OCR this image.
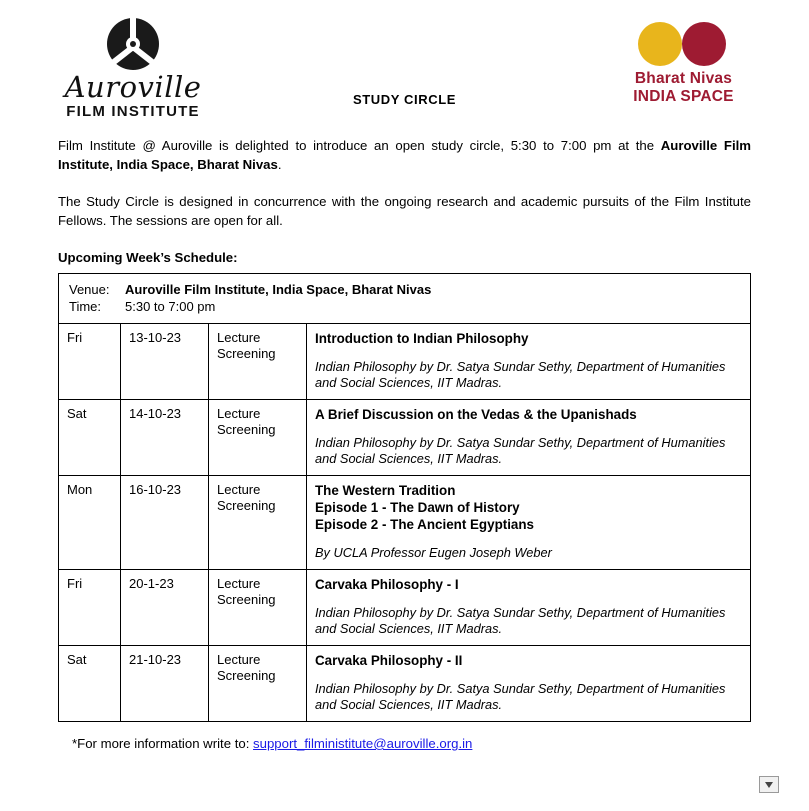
Auroville
FILM INSTITUTE
STUDY CIRCLE
Bharat Nivas
INDIA SPACE

Film Institute @ Auroville is delighted to introduce an open study circle, 5:30 to 7:00 pm at the Auroville Film Institute, India Space, Bharat Nivas.

The Study Circle is designed in concurrence with the ongoing research and academic pursuits of the Film Institute Fellows. The sessions are open for all.

Upcoming Week’s Schedule:
Venue: Auroville Film Institute, India Space, Bharat Nivas
Time: 5:30 to 7:00 pm			

Fri	13-10-23	Lecture Screening	Introduction to Indian Philosophy
Indian Philosophy by Dr. Satya Sundar Sethy, Department of Humanities and Social Sciences, IIT Madras.

Sat	14-10-23	Lecture Screening	A Brief Discussion on the Vedas & the Upanishads
Indian Philosophy by Dr. Satya Sundar Sethy, Department of Humanities and Social Sciences, IIT Madras.

Mon	16-10-23	Lecture Screening	The Western Tradition
Episode 1 - The Dawn of History
Episode 2 - The Ancient Egyptians
By UCLA Professor Eugen Joseph Weber

Fri	20-1-23	Lecture Screening	Carvaka Philosophy - I
Indian Philosophy by Dr. Satya Sundar Sethy, Department of Humanities and Social Sciences, IIT Madras.

Sat	21-10-23	Lecture Screening	Carvaka Philosophy - II
Indian Philosophy by Dr. Satya Sundar Sethy, Department of Humanities and Social Sciences, IIT Madras.
*For more information write to: support_filministitute@auroville.org.in
